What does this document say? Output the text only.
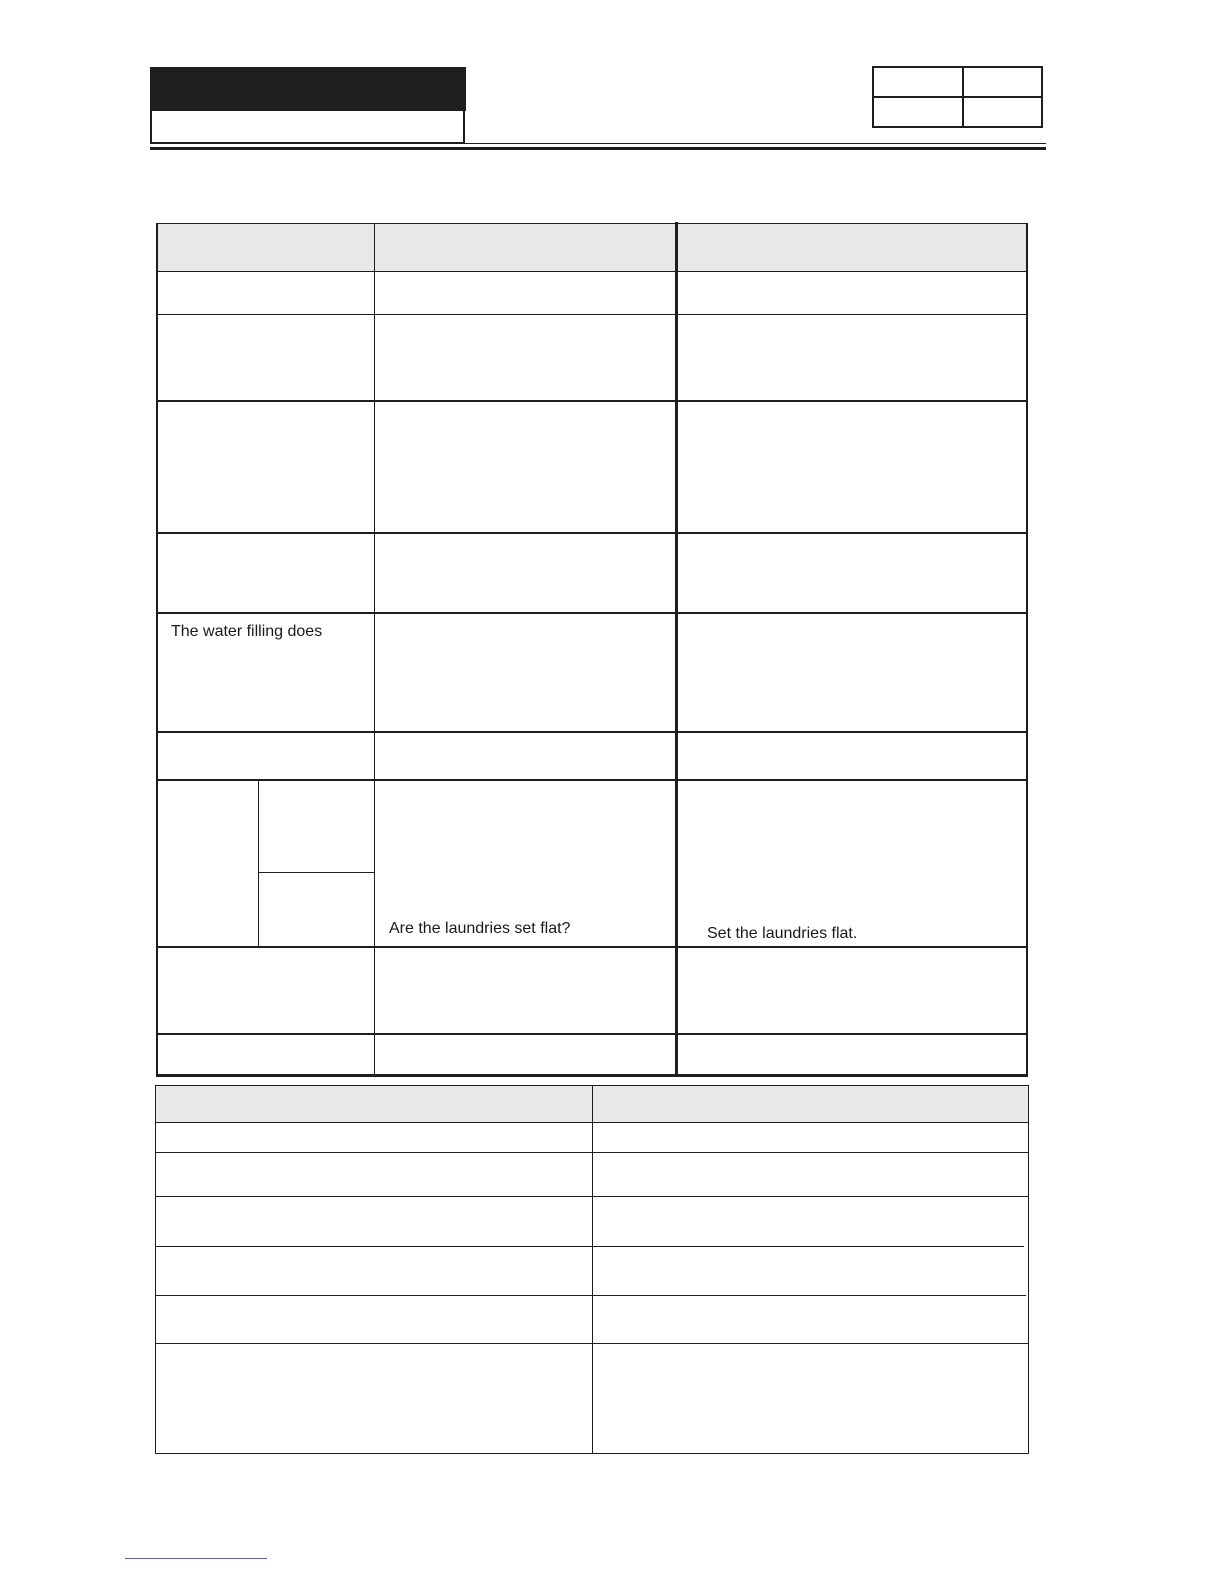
The water filling does
Are the laundries set flat?	Set the laundries flat.
